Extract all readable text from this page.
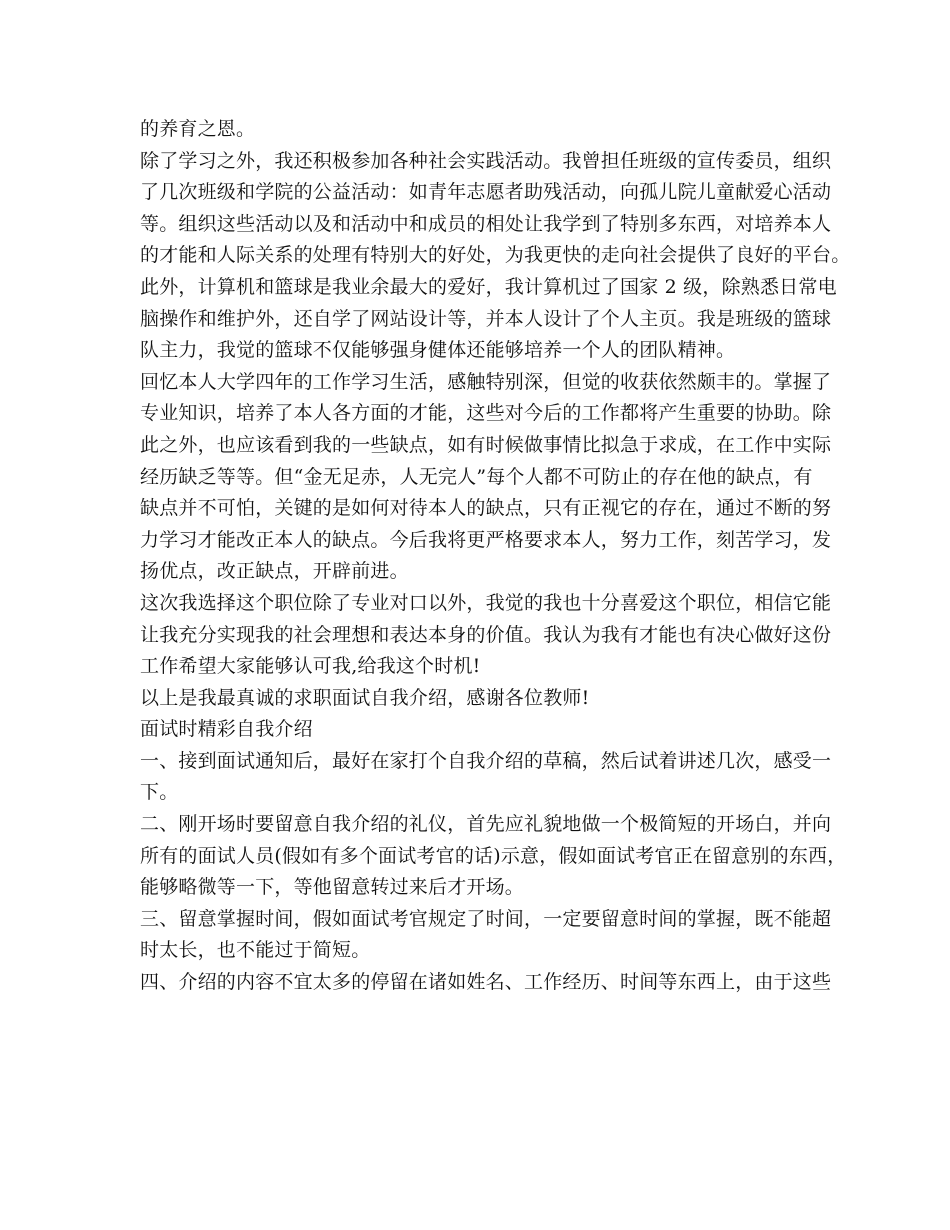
的养育之恩。
除了学习之外，我还积极参加各种社会实践活动。我曾担任班级的宣传委员，组织
了几次班级和学院的公益活动：如青年志愿者助残活动，向孤儿院儿童献爱心活动
等。组织这些活动以及和活动中和成员的相处让我学到了特别多东西，对培养本人
的才能和人际关系的处理有特别大的好处，为我更快的走向社会提供了良好的平台。
此外，计算机和篮球是我业余最大的爱好，我计算机过了国家 2 级，除熟悉日常电
脑操作和维护外，还自学了网站设计等，并本人设计了个人主页。我是班级的篮球
队主力，我觉的篮球不仅能够强身健体还能够培养一个人的团队精神。
回忆本人大学四年的工作学习生活，感触特别深，但觉的收获依然颇丰的。掌握了
专业知识，培养了本人各方面的才能，这些对今后的工作都将产生重要的协助。除
此之外，也应该看到我的一些缺点，如有时候做事情比拟急于求成，在工作中实际
经历缺乏等等。但“金无足赤，人无完人”每个人都不可防止的存在他的缺点，有
缺点并不可怕，关键的是如何对待本人的缺点，只有正视它的存在，通过不断的努
力学习才能改正本人的缺点。今后我将更严格要求本人，努力工作，刻苦学习，发
扬优点，改正缺点，开辟前进。
这次我选择这个职位除了专业对口以外，我觉的我也十分喜爱这个职位，相信它能
让我充分实现我的社会理想和表达本身的价值。我认为我有才能也有决心做好这份
工作希望大家能够认可我,给我这个时机!
以上是我最真诚的求职面试自我介绍，感谢各位教师!
面试时精彩自我介绍
一、接到面试通知后，最好在家打个自我介绍的草稿，然后试着讲述几次，感受一
下。
二、刚开场时要留意自我介绍的礼仪，首先应礼貌地做一个极简短的开场白，并向
所有的面试人员(假如有多个面试考官的话)示意，假如面试考官正在留意别的东西，
能够略微等一下，等他留意转过来后才开场。
三、留意掌握时间，假如面试考官规定了时间，一定要留意时间的掌握，既不能超
时太长，也不能过于简短。
四、介绍的内容不宜太多的停留在诸如姓名、工作经历、时间等东西上，由于这些
